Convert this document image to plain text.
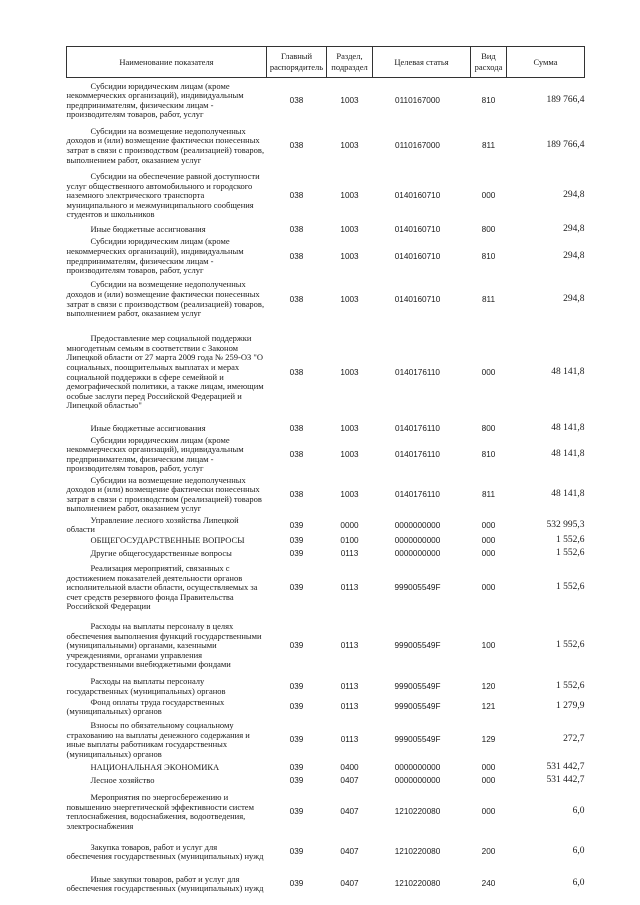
Наименование показателя	Главный распорядитель	Раздел, подраздел	Целевая статья	Вид расхода	Сумма

Субсидии юридическим лицам (кроме некоммерческих организаций), индивидуальным предпринимателям, физическим лицам - производителям товаров, работ, услуг	038	1003	0110167000	810	189 766,4

Субсидии на возмещение недополученных доходов и (или) возмещение фактически понесенных затрат в связи с производством (реализацией) товаров, выполнением работ, оказанием услуг	038	1003	0110167000	811	189 766,4

Субсидии на обеспечение равной доступности услуг общественного автомобильного и городского наземного электрического транспорта муниципального и межмуниципального сообщения студентов и школьников	038	1003	0140160710	000	294,8

Иные бюджетные ассигнования	038	1003	0140160710	800	294,8

Субсидии юридическим лицам (кроме некоммерческих организаций), индивидуальным предпринимателям, физическим лицам - производителям товаров, работ, услуг	038	1003	0140160710	810	294,8

Субсидии на возмещение недополученных доходов и (или) возмещение фактически понесенных затрат в связи с производством (реализацией) товаров, выполнением работ, оказанием услуг	038	1003	0140160710	811	294,8

Предоставление мер социальной поддержки многодетным семьям в соответствии с Законом Липецкой области от 27 марта 2009 года № 259-ОЗ "О социальных, поощрительных выплатах и мерах социальной поддержки в сфере семейной и демографической политики, а также лицам, имеющим особые заслуги перед Российской Федерацией и Липецкой областью"	038	1003	0140176110	000	48 141,8

Иные бюджетные ассигнования	038	1003	0140176110	800	48 141,8

Субсидии юридическим лицам (кроме некоммерческих организаций), индивидуальным предпринимателям, физическим лицам - производителям товаров, работ, услуг	038	1003	0140176110	810	48 141,8

Субсидии на возмещение недополученных доходов и (или) возмещение фактически понесенных затрат в связи с производством (реализацией) товаров выполнением работ, оказанием услуг	038	1003	0140176110	811	48 141,8

Управление лесного хозяйства Липецкой области	039	0000	0000000000	000	532 995,3

ОБЩЕГОСУДАРСТВЕННЫЕ ВОПРОСЫ	039	0100	0000000000	000	1 552,6

Другие общегосударственные вопросы	039	0113	0000000000	000	1 552,6

Реализация мероприятий, связанных с достижением показателей деятельности органов исполнительной власти области, осуществляемых за счет средств резервного фонда Правительства Российской Федерации	039	0113	999005549F	000	1 552,6

Расходы на выплаты персоналу в целях обеспечения выполнения функций государственными (муниципальными) органами, казенными учреждениями, органами управления государственными внебюджетными фондами	039	0113	999005549F	100	1 552,6

Расходы на выплаты персоналу государственных (муниципальных) органов	039	0113	999005549F	120	1 552,6

Фонд оплаты труда государственных (муниципальных) органов	039	0113	999005549F	121	1 279,9

Взносы по обязательному социальному страхованию на выплаты денежного содержания и иные выплаты работникам государственных (муниципальных) органов	039	0113	999005549F	129	272,7

НАЦИОНАЛЬНАЯ ЭКОНОМИКА	039	0400	0000000000	000	531 442,7

Лесное хозяйство	039	0407	0000000000	000	531 442,7

Мероприятия по энергосбережению и повышению энергетической эффективности систем теплоснабжения, водоснабжения, водоотведения, электроснабжения	039	0407	1210220080	000	6,0

Закупка товаров, работ и услуг для обеспечения государственных (муниципальных) нужд	039	0407	1210220080	200	6,0

Иные закупки товаров, работ и услуг для обеспечения государственных (муниципальных) нужд	039	0407	1210220080	240	6,0
